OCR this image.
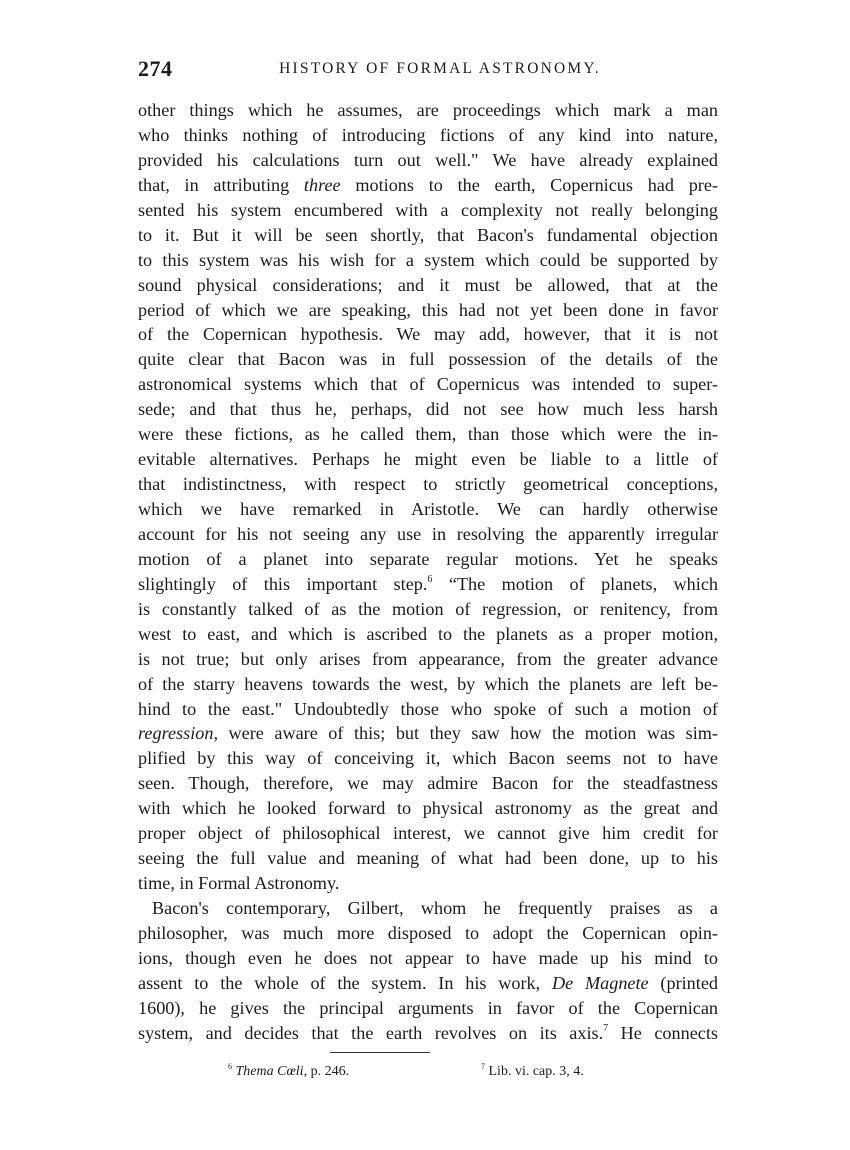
274	HISTORY OF FORMAL ASTRONOMY.
other things which he assumes, are proceedings which mark a man
who thinks nothing of introducing fictions of any kind into nature,
provided his calculations turn out well." We have already explained
that, in attributing three motions to the earth, Copernicus had pre-
sented his system encumbered with a complexity not really belonging
to it. But it will be seen shortly, that Bacon's fundamental objection
to this system was his wish for a system which could be supported by
sound physical considerations; and it must be allowed, that at the
period of which we are speaking, this had not yet been done in favor
of the Copernican hypothesis. We may add, however, that it is not
quite clear that Bacon was in full possession of the details of the
astronomical systems which that of Copernicus was intended to super-
sede; and that thus he, perhaps, did not see how much less harsh
were these fictions, as he called them, than those which were the in-
evitable alternatives. Perhaps he might even be liable to a little of
that indistinctness, with respect to strictly geometrical conceptions,
which we have remarked in Aristotle. We can hardly otherwise
account for his not seeing any use in resolving the apparently irregular
motion of a planet into separate regular motions. Yet he speaks
slightingly of this important step.$^6$ “The motion of planets, which
is constantly talked of as the motion of regression, or renitency, from
west to east, and which is ascribed to the planets as a proper motion,
is not true; but only arises from appearance, from the greater advance
of the starry heavens towards the west, by which the planets are left be-
hind to the east." Undoubtedly those who spoke of such a motion of
regression, were aware of this; but they saw how the motion was sim-
plified by this way of conceiving it, which Bacon seems not to have
seen. Though, therefore, we may admire Bacon for the steadfastness
with which he looked forward to physical astronomy as the great and
proper object of philosophical interest, we cannot give him credit for
seeing the full value and meaning of what had been done, up to his
time, in Formal Astronomy.
Bacon's contemporary, Gilbert, whom he frequently praises as a
philosopher, was much more disposed to adopt the Copernican opin-
ions, though even he does not appear to have made up his mind to
assent to the whole of the system. In his work, De Magnete (printed
1600), he gives the principal arguments in favor of the Copernican
system, and decides that the earth revolves on its axis.$^7$ He connects
$^6$ Thema Cœli, p. 246.	$^7$ Lib. vi. cap. 3, 4.
